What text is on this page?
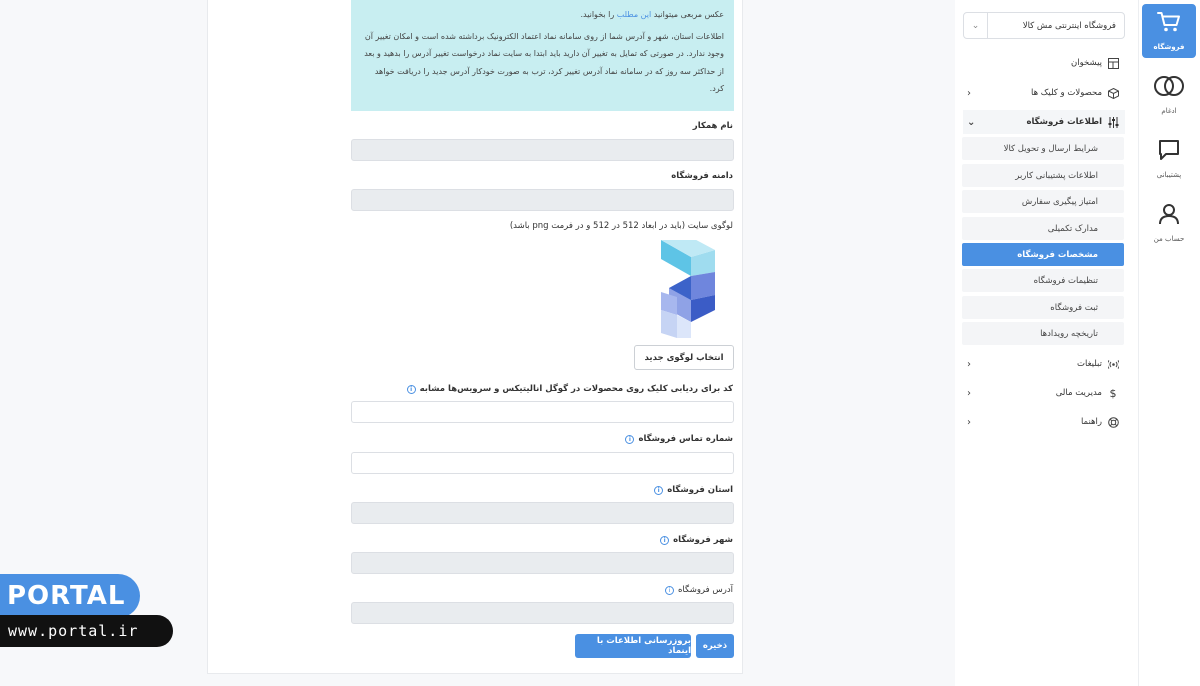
عکس مربعی میتوانید این مطلب را بخوانید.
اطلاعات استان، شهر و آدرس شما از روی سامانه نماد اعتماد الکترونیک برداشته شده است و امکان تغییر آن وجود ندارد. در صورتی که تمایل به تغییر آن دارید باید ابتدا به سایت نماد درخواست تغییر آدرس را بدهید و بعد از حداکثر سه روز که در سامانه نماد آدرس تغییر کرد، ترب به صورت خودکار آدرس جدید را دریافت خواهد کرد.
نام همکار
دامنه فروشگاه
لوگوی سایت (باید در ابعاد 512 در 512 و در فرمت png باشد)
انتخاب لوگوی جدید
کد برای ردیابی کلیک روی محصولات در گوگل انالیتیکس و سرویس‌ها مشابه
i
شماره تماس فروشگاه
i
استان فروشگاه
i
شهر فروشگاه
i
آدرس فروشگاه
i
ذخیره
بروزرسانی اطلاعات با اینماد
فروشگاه اینترنتی مش کالا
⌄
پیشخوان
محصولات و کلیک ها
‹
اطلاعات فروشگاه
⌄
شرایط ارسال و تحویل کالا
اطلاعات پشتیبانی کاربر
امتیاز پیگیری سفارش
مدارک تکمیلی
مشخصات فروشگاه
تنظیمات فروشگاه
ثبت فروشگاه
تاریخچه رویدادها
تبلیغات
‹
$
مدیریت مالی
‹
راهنما
‹
فروشگاه
ادغام
پشتیبانی
حساب من
PORTAL
www.portal.ir
